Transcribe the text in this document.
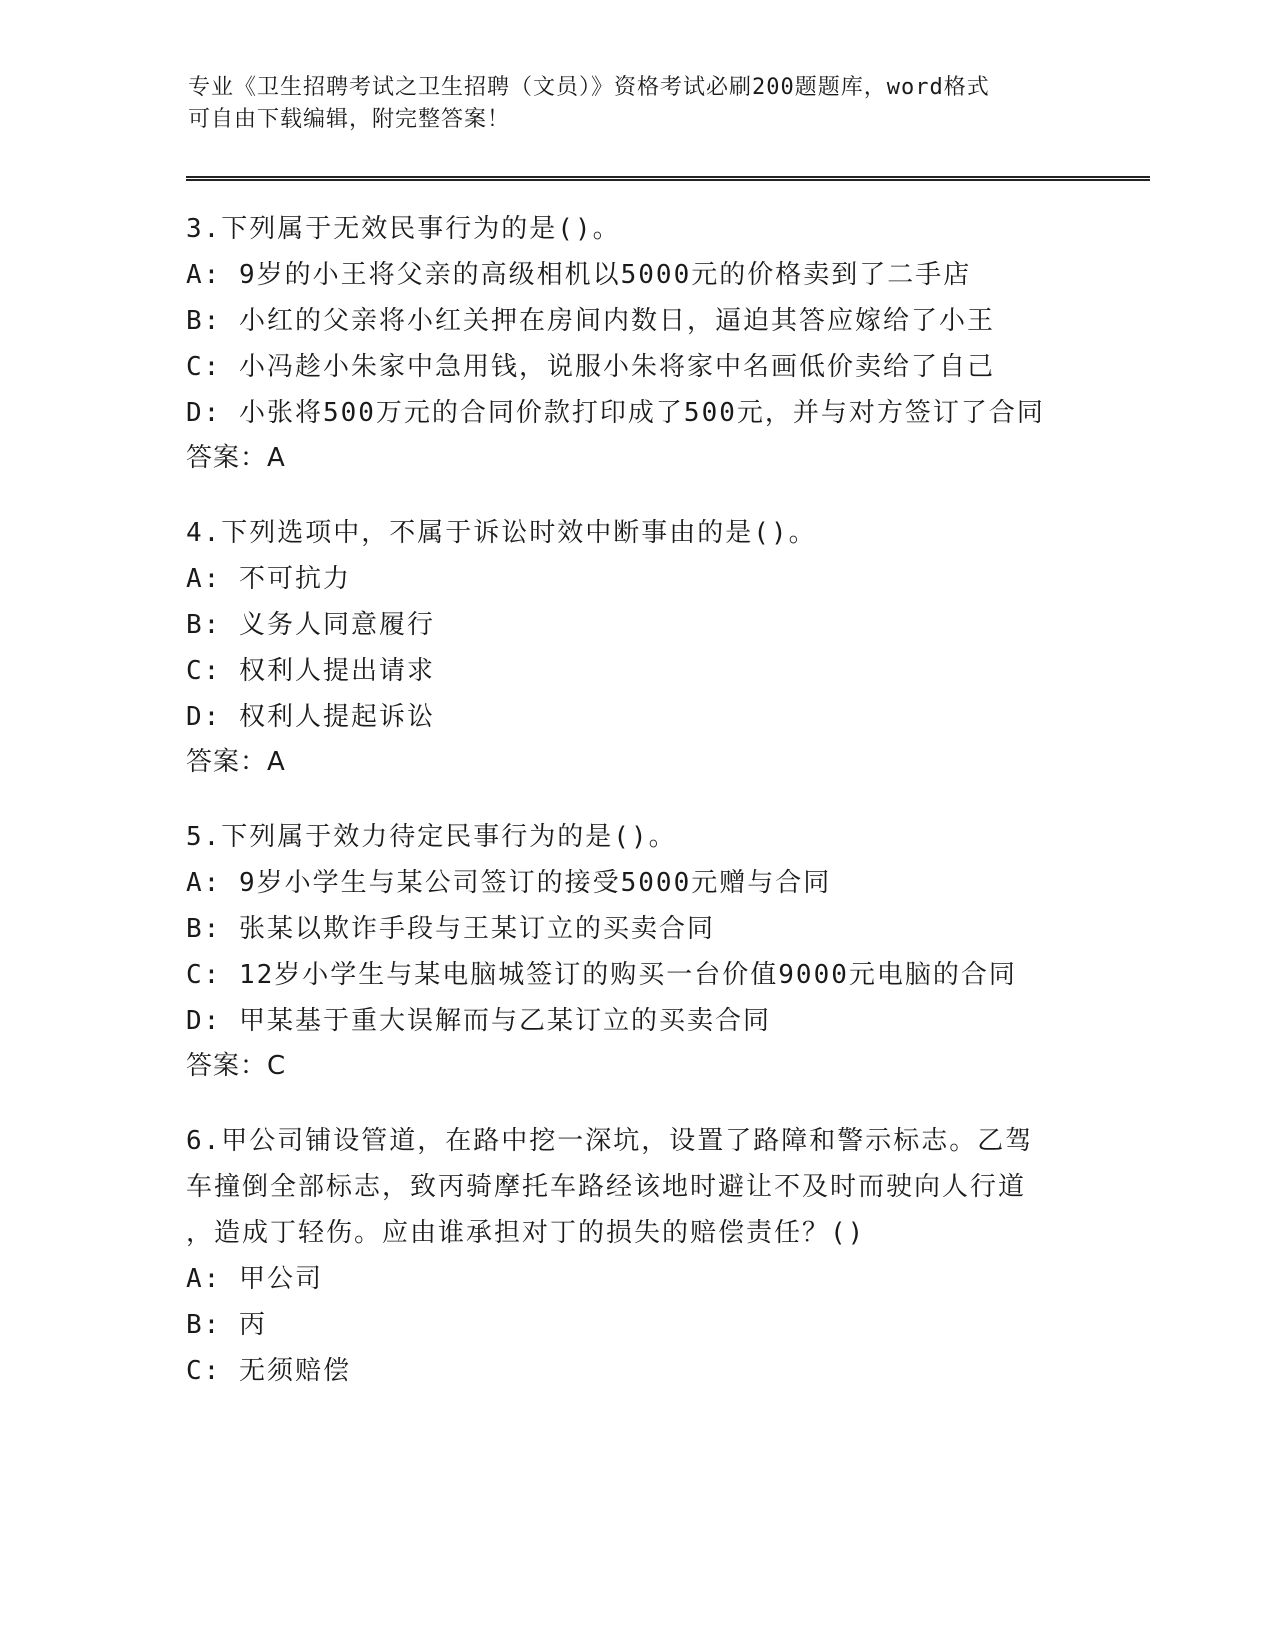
专业《卫生招聘考试之卫生招聘（文员）》资格考试必刷200题题库，word格式
可自由下载编辑，附完整答案！
3.下列属于无效民事行为的是()。
A: 9岁的小王将父亲的高级相机以5000元的价格卖到了二手店
B: 小红的父亲将小红关押在房间内数日，逼迫其答应嫁给了小王
C: 小冯趁小朱家中急用钱，说服小朱将家中名画低价卖给了自己
D: 小张将500万元的合同价款打印成了500元，并与对方签订了合同
答案：A
4.下列选项中，不属于诉讼时效中断事由的是()。
A: 不可抗力
B: 义务人同意履行
C: 权利人提出请求
D: 权利人提起诉讼
答案：A
5.下列属于效力待定民事行为的是()。
A: 9岁小学生与某公司签订的接受5000元赠与合同
B: 张某以欺诈手段与王某订立的买卖合同
C: 12岁小学生与某电脑城签订的购买一台价值9000元电脑的合同
D: 甲某基于重大误解而与乙某订立的买卖合同
答案：C
6.甲公司铺设管道，在路中挖一深坑，设置了路障和警示标志。乙驾
车撞倒全部标志，致丙骑摩托车路经该地时避让不及时而驶向人行道
，造成丁轻伤。应由谁承担对丁的损失的赔偿责任？()
A: 甲公司
B: 丙
C: 无须赔偿
